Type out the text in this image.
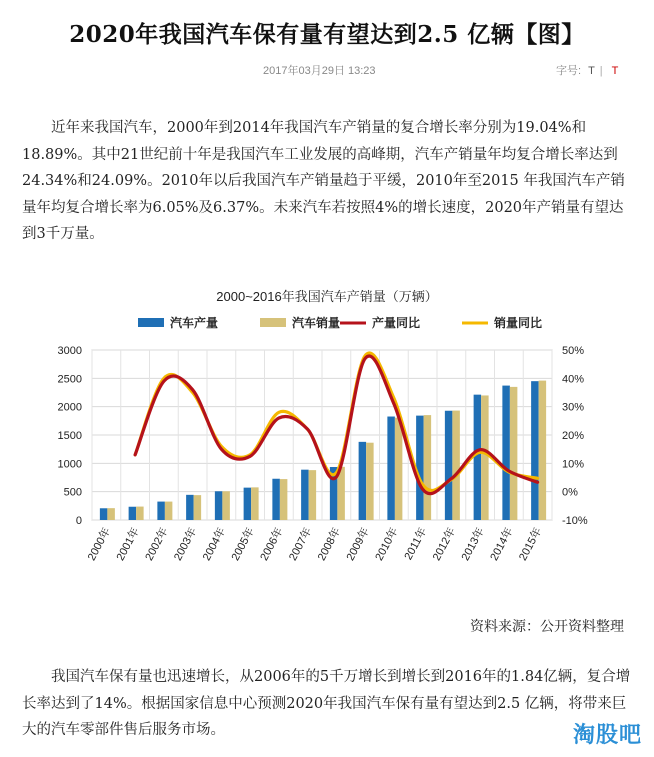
2020年我国汽车保有量有望达到2.5 亿辆【图】
2017年03月29日 13:23	字号: T | T

近年来我国汽车，2000年到2014年我国汽车产销量的复合增长率分别为19.04%和18.89%。其中21世纪前十年是我国汽车工业发展的高峰期，汽车产销量年均复合增长率达到24.34%和24.09%。2010年以后我国汽车产销量趋于平缓，2010年至2015 年我国汽车产销量年均复合增长率为6.05%及6.37%。未来汽车若按照4%的增长速度，2020年产销量有望达到3千万量。

2000~2016年我国汽车产销量（万辆）
汽车产量	汽车销量	产量同比	销量同比
0
500
1000
1500
2000
2500
3000
-10%
0%
10%
20%
30%
40%
50%
2000年 2001年 2002年 2003年 2004年 2005年 2006年 2007年 2008年 2009年 2010年 2011年 2012年 2013年 2014年 2015年
资料来源：公开资料整理

我国汽车保有量也迅速增长，从2006年的5千万增长到增长到2016年的1.84亿辆，复合增长率达到了14%。根据国家信息中心预测2020年我国汽车保有量有望达到2.5 亿辆，将带来巨大的汽车零部件售后服务市场。	淘股吧
